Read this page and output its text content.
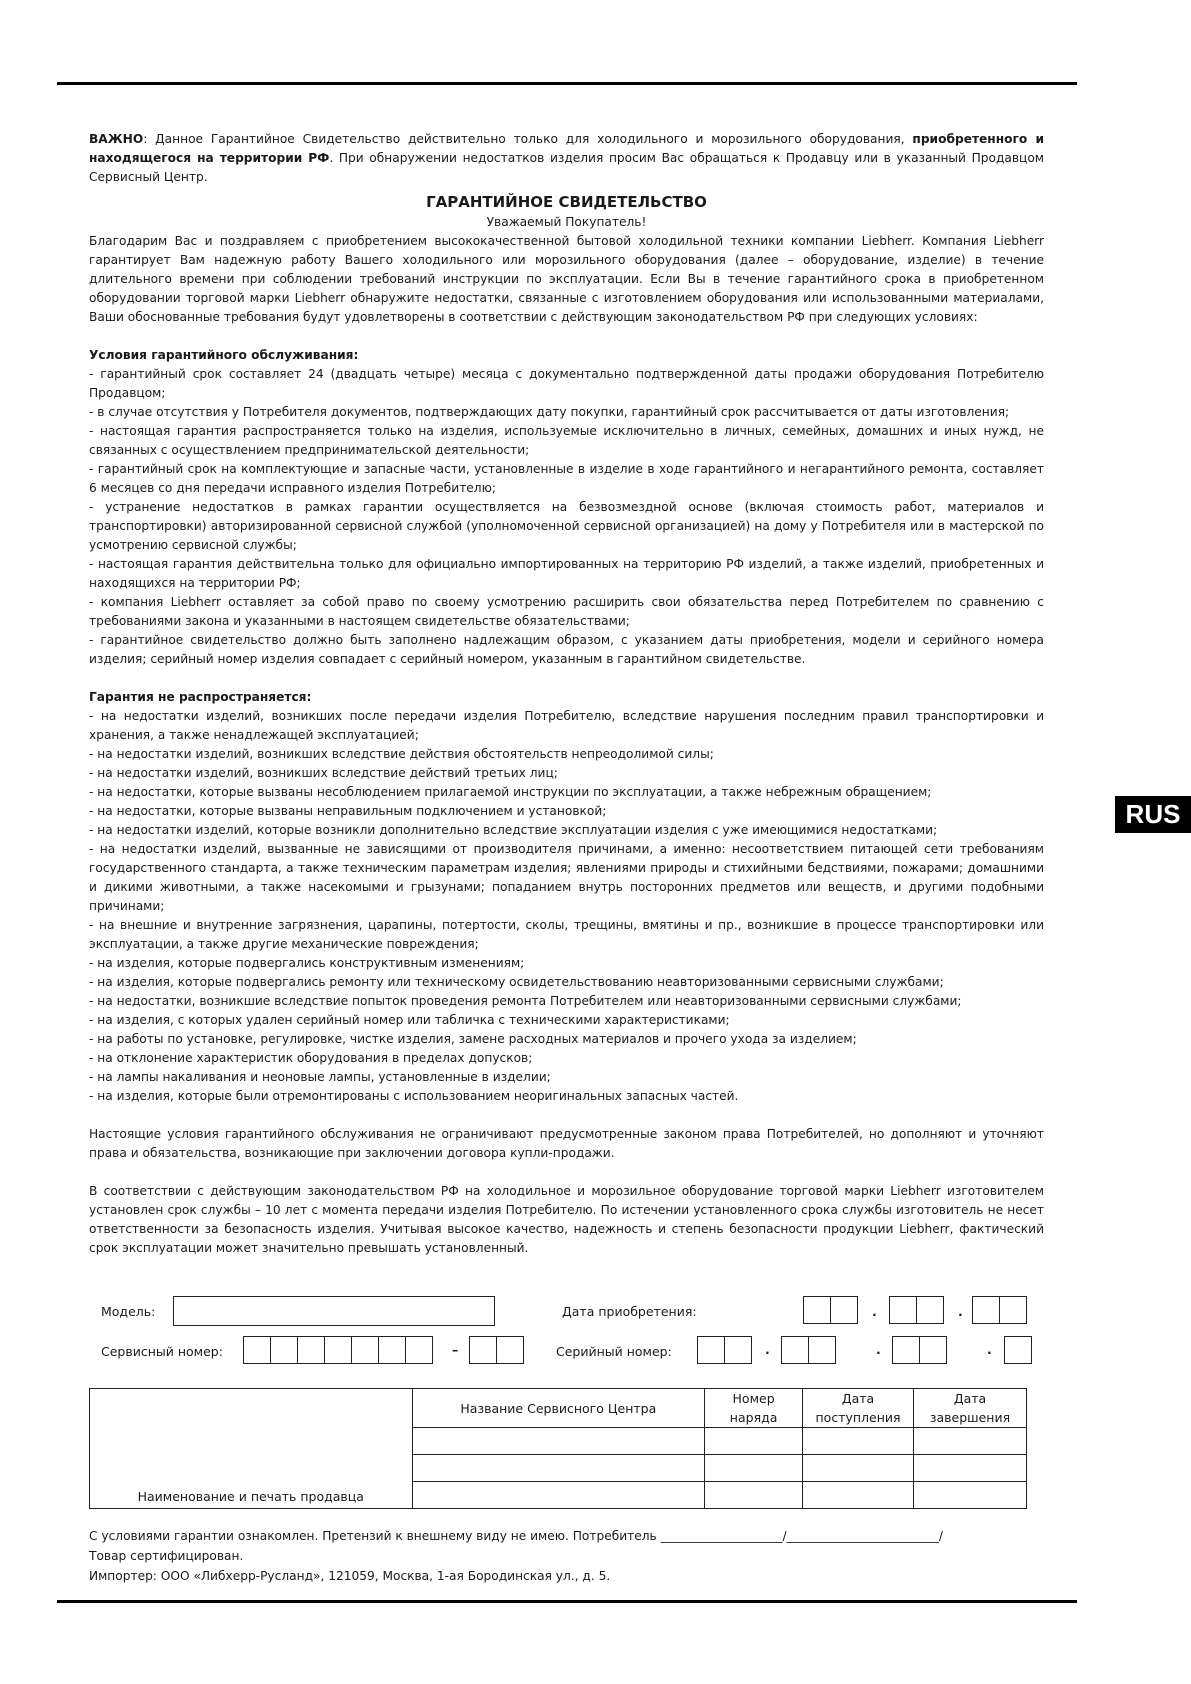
RUS

ВАЖНО: Данное Гарантийное Свидетельство действительно только для холодильного и морозильного оборудования, приобретенного и находящегося на территории РФ. При обнаружении недостатков изделия просим Вас обращаться к Продавцу или в указанный Продавцом Сервисный Центр.

ГАРАНТИЙНОЕ СВИДЕТЕЛЬСТВО
Уважаемый Покупатель!

Благодарим Вас и поздравляем с приобретением высококачественной бытовой холодильной техники компании Liebherr. Компания Liebherr гарантирует Вам надежную работу Вашего холодильного или морозильного оборудования (далее – оборудование, изделие) в течение длительного времени при соблюдении требований инструкции по эксплуатации. Если Вы в течение гарантийного срока в приобретенном оборудовании торговой марки Liebherr обнаружите недостатки, связанные с изготовлением оборудования или использованными материалами, Ваши обоснованные требования будут удовлетворены в соответствии с действующим законодательством РФ при следующих условиях:

Условия гарантийного обслуживания:

- гарантийный срок составляет 24 (двадцать четыре) месяца с документально подтвержденной даты продажи оборудования Потребителю Продавцом;
- в случае отсутствия у Потребителя документов, подтверждающих дату покупки, гарантийный срок рассчитывается от даты изготовления;
- настоящая гарантия распространяется только на изделия, используемые исключительно в личных, семейных, домашних и иных нужд, не связанных с осуществлением предпринимательской деятельности;
- гарантийный срок на комплектующие и запасные части, установленные в изделие в ходе гарантийного и негарантийного ремонта, составляет 6 месяцев со дня передачи исправного изделия Потребителю;
- устранение недостатков в рамках гарантии осуществляется на безвозмездной основе (включая стоимость работ, материалов и транспортировки) авторизированной сервисной службой (уполномоченной сервисной организацией) на дому у Потребителя или в мастерской по усмотрению сервисной службы;
- настоящая гарантия действительна только для официально импортированных на территорию РФ изделий, а также изделий, приобретенных и находящихся на территории РФ;
- компания Liebherr оставляет за собой право по своему усмотрению расширить свои обязательства перед Потребителем по сравнению с требованиями закона и указанными в настоящем свидетельстве обязательствами;
- гарантийное свидетельство должно быть заполнено надлежащим образом, с указанием даты приобретения, модели и серийного номера изделия; серийный номер изделия совпадает с серийный номером, указанным в гарантийном свидетельстве.

Гарантия не распространяется:

- на недостатки изделий, возникших после передачи изделия Потребителю, вследствие нарушения последним правил транспортировки и хранения, а также ненадлежащей эксплуатацией;
- на недостатки изделий, возникших вследствие действия обстоятельств непреодолимой силы;
- на недостатки изделий, возникших вследствие действий третьих лиц;
- на недостатки, которые вызваны несоблюдением прилагаемой инструкции по эксплуатации, а также небрежным обращением;
- на недостатки, которые вызваны неправильным подключением и установкой;
- на недостатки изделий, которые возникли дополнительно вследствие эксплуатации изделия с уже имеющимися недостатками;
- на недостатки изделий, вызванные не зависящими от производителя причинами, а именно: несоответствием питающей сети требованиям государственного стандарта, а также техническим параметрам изделия; явлениями природы и стихийными бедствиями, пожарами; домашними и дикими животными, а также насекомыми и грызунами; попаданием внутрь посторонних предметов или веществ, и другими подобными причинами;
- на внешние и внутренние загрязнения, царапины, потертости, сколы, трещины, вмятины и пр., возникшие в процессе транспортировки или эксплуатации, а также другие механические повреждения;
- на изделия, которые подвергались конструктивным изменениям;
- на изделия, которые подвергались ремонту или техническому освидетельствованию неавторизованными сервисными службами;
- на недостатки, возникшие вследствие попыток проведения ремонта Потребителем или неавторизованными сервисными службами;
- на изделия, с которых удален серийный номер или табличка с техническими характеристиками;
- на работы по установке, регулировке, чистке изделия, замене расходных материалов и прочего ухода за изделием;
- на отклонение характеристик оборудования в пределах допусков;
- на лампы накаливания и неоновые лампы, установленные в изделии;
- на изделия, которые были отремонтированы с использованием неоригинальных запасных частей.

Настоящие условия гарантийного обслуживания не ограничивают предусмотренные законом права Потребителей, но дополняют и уточняют права и обязательства, возникающие при заключении договора купли-продажи.

В соответствии с действующим законодательством РФ на холодильное и морозильное оборудование торговой марки Liebherr изготовителем установлен срок службы – 10 лет с момента передачи изделия Потребителю. По истечении установленного срока службы изготовитель не несет ответственности за безопасность изделия. Учитывая высокое качество, надежность и степень безопасности продукции Liebherr, фактический срок эксплуатации может значительно превышать установленный.

Модель:	Дата приобретения:	.	.
Сервисный номер:	–	Серийный номер:	.	.	.
Наименование и печать продавца	Название Сервисного Центра	Номер наряда	Дата поступления	Дата завершения

С условиями гарантии ознакомлен. Претензий к внешнему виду не имею. Потребитель ____________________/_________________________/

Товар сертифицирован.

Импортер: ООО «Либхерр-Русланд», 121059, Москва, 1-ая Бородинская ул., д. 5.
